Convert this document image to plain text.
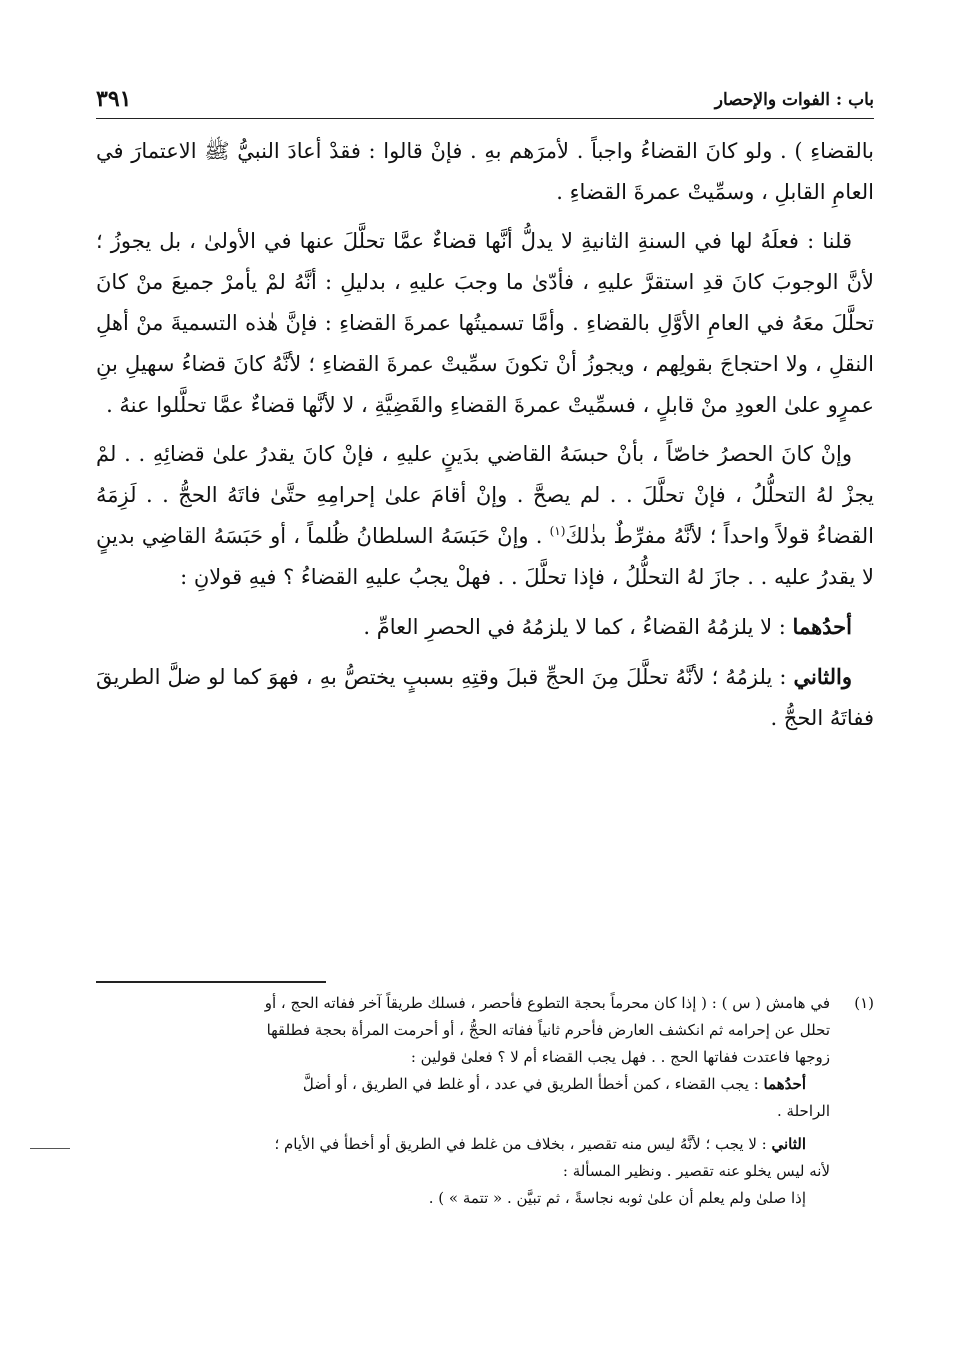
باب : الفوات والإحصار
٣٩١

بالقضاءِ ) . ولو كانَ القضاءُ واجباً . لأمرَهم بهِ . فإنْ قالوا : فقدْ أعادَ النبيُّ ﷺ الاعتمارَ في العامِ القابلِ ، وسمِّيتْ عمرةَ القضاءِ .

قلنا : فعلَهُ لها في السنةِ الثانيةِ لا يدلُّ أنَّها قضاءٌ عمَّا تحلَّلَ عنها في الأولىٰ ، بل يجوزُ ؛ لأنَّ الوجوبَ كانَ قدِ استقرَّ عليهِ ، فأدّىٰ ما وجبَ عليهِ ، بدليلِ : أنَّهُ لمْ يأمرْ جميعَ منْ كانَ تحلَّلَ معَهُ في العامِ الأوَّلِ بالقضاءِ . وأمَّا تسميتُها عمرةَ القضاءِ : فإنَّ هٰذه التسميةَ منْ أهلِ النقلِ ، ولا احتجاجَ بقولِهم ، ويجوزُ أنْ تكونَ سمِّيتْ عمرةَ القضاءِ ؛ لأنَّهُ كانَ قضاءُ سهيلِ بنِ عمرٍو علىٰ العودِ منْ قابلٍ ، فسمِّيتْ عمرةَ القضاءِ والقَضِيَّةِ ، لا لأنَّها قضاءٌ عمَّا تحلَّلوا عنهُ .

وإنْ كانَ الحصرُ خاصّاً ، بأنْ حبسَهُ القاضي بدَينٍ عليهِ ، فإنْ كانَ يقدرُ علىٰ قضائِهِ . . لمْ يجزْ لهُ التحلُّلُ ، فإنْ تحلَّلَ . . لم يصحَّ . وإنْ أقامَ علىٰ إحرامِهِ حتَّىٰ فاتَهُ الحجُّ . . لَزِمَهُ القضاءُ قولاً واحداً ؛ لأنَّهُ مفرِّطٌ بذٰلكَ$^{(١)}$ . وإنْ حَبَسَهُ السلطانُ ظُلماً ، أو حَبَسَهُ القاضِي بدينٍ لا يقدرُ عليه . . جازَ لهُ التحلُّلُ ، فإذا تحلَّلَ . . فهلْ يجبُ عليهِ القضاءُ ؟ فيهِ قولانِ :

أحدُهما : لا يلزمُهُ القضاءُ ، كما لا يلزمُهُ في الحصرِ العامِّ .

والثاني : يلزمُهُ ؛ لأنَّهُ تحلَّلَ مِنَ الحجِّ قبلَ وقتِهِ بسببٍ يختصُّ بهِ ، فهوَ كما لو ضلَّ الطريقَ ففاتَهُ الحجُّ .

(١)

في هامش ( س ) : ( إذا كان محرماً بحجة التطوع فأحصر ، فسلك طريقاً آخر ففاته الحج ، أو

تحلل عن إحرامه ثم انكشف العارض فأحرم ثانياً ففاته الحجُّ ، أو أحرمت المرأة بحجة فطلقها

زوجها فاعتدت ففاتها الحج . . فهل يجب القضاء أم لا ؟ فعلىٰ قولين :

أحدُهما : يجب القضاء ، كمن أخطأ الطريق في عدد ، أو غلط في الطريق ، أو أضلَّ

الراحلة .

الثاني : لا يجب ؛ لأنَّهُ ليس منه تقصير ، بخلاف من غلط في الطريق أو أخطأ في الأيام ؛

لأنه ليس يخلو عنه تقصير . ونظير المسألة :

إذا صلىٰ ولم يعلم أن علىٰ ثوبه نجاسةً ، ثم تبيَّن . « تتمة » ) .
